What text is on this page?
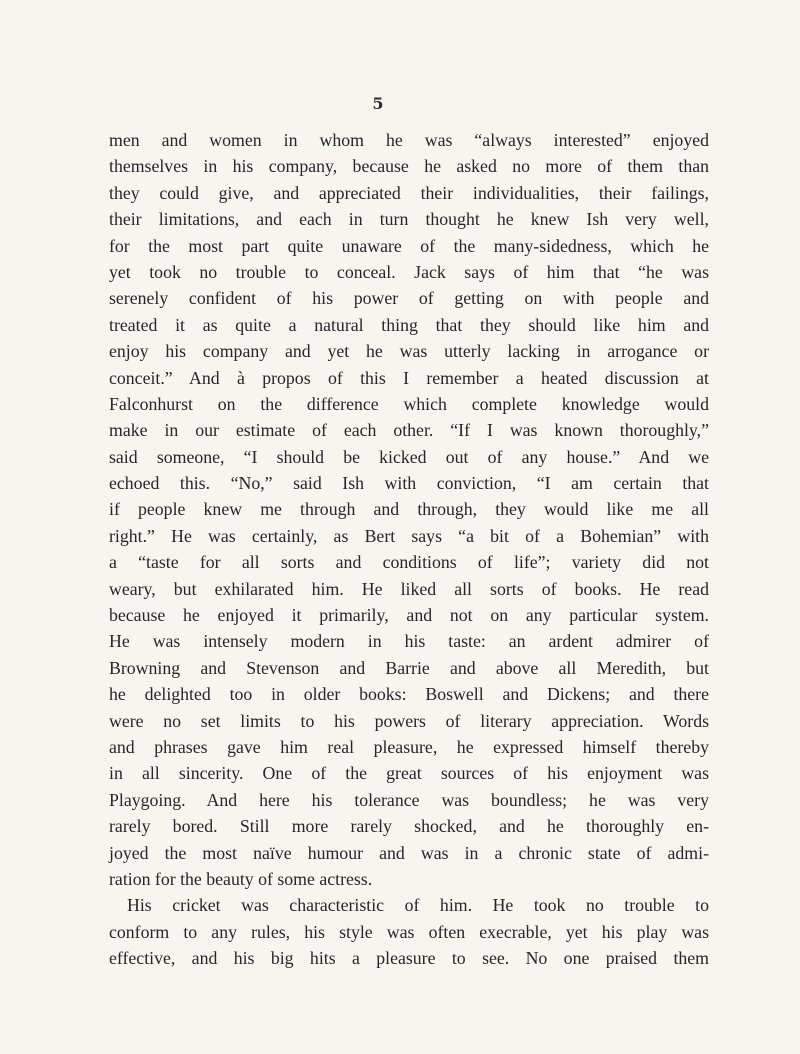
5
men and women in whom he was “always interested” enjoyed
themselves in his company, because he asked no more of them than
they could give, and appreciated their individualities, their failings,
their limitations, and each in turn thought he knew Ish very well,
for the most part quite unaware of the many-sidedness, which he
yet took no trouble to conceal. Jack says of him that “he was
serenely confident of his power of getting on with people and
treated it as quite a natural thing that they should like him and
enjoy his company and yet he was utterly lacking in arrogance or
conceit.” And à propos of this I remember a heated discussion at
Falconhurst on the difference which complete knowledge would
make in our estimate of each other. “If I was known thoroughly,”
said someone, “I should be kicked out of any house.” And we
echoed this. “No,” said Ish with conviction, “I am certain that
if people knew me through and through, they would like me all
right.” He was certainly, as Bert says “a bit of a Bohemian” with
a “taste for all sorts and conditions of life”; variety did not
weary, but exhilarated him. He liked all sorts of books. He read
because he enjoyed it primarily, and not on any particular system.
He was intensely modern in his taste: an ardent admirer of
Browning and Stevenson and Barrie and above all Meredith, but
he delighted too in older books: Boswell and Dickens; and there
were no set limits to his powers of literary appreciation. Words
and phrases gave him real pleasure, he expressed himself thereby
in all sincerity. One of the great sources of his enjoyment was
Playgoing. And here his tolerance was boundless; he was very
rarely bored. Still more rarely shocked, and he thoroughly en-
joyed the most naïve humour and was in a chronic state of admi-
ration for the beauty of some actress.
His cricket was characteristic of him. He took no trouble to
conform to any rules, his style was often execrable, yet his play was
effective, and his big hits a pleasure to see. No one praised them
